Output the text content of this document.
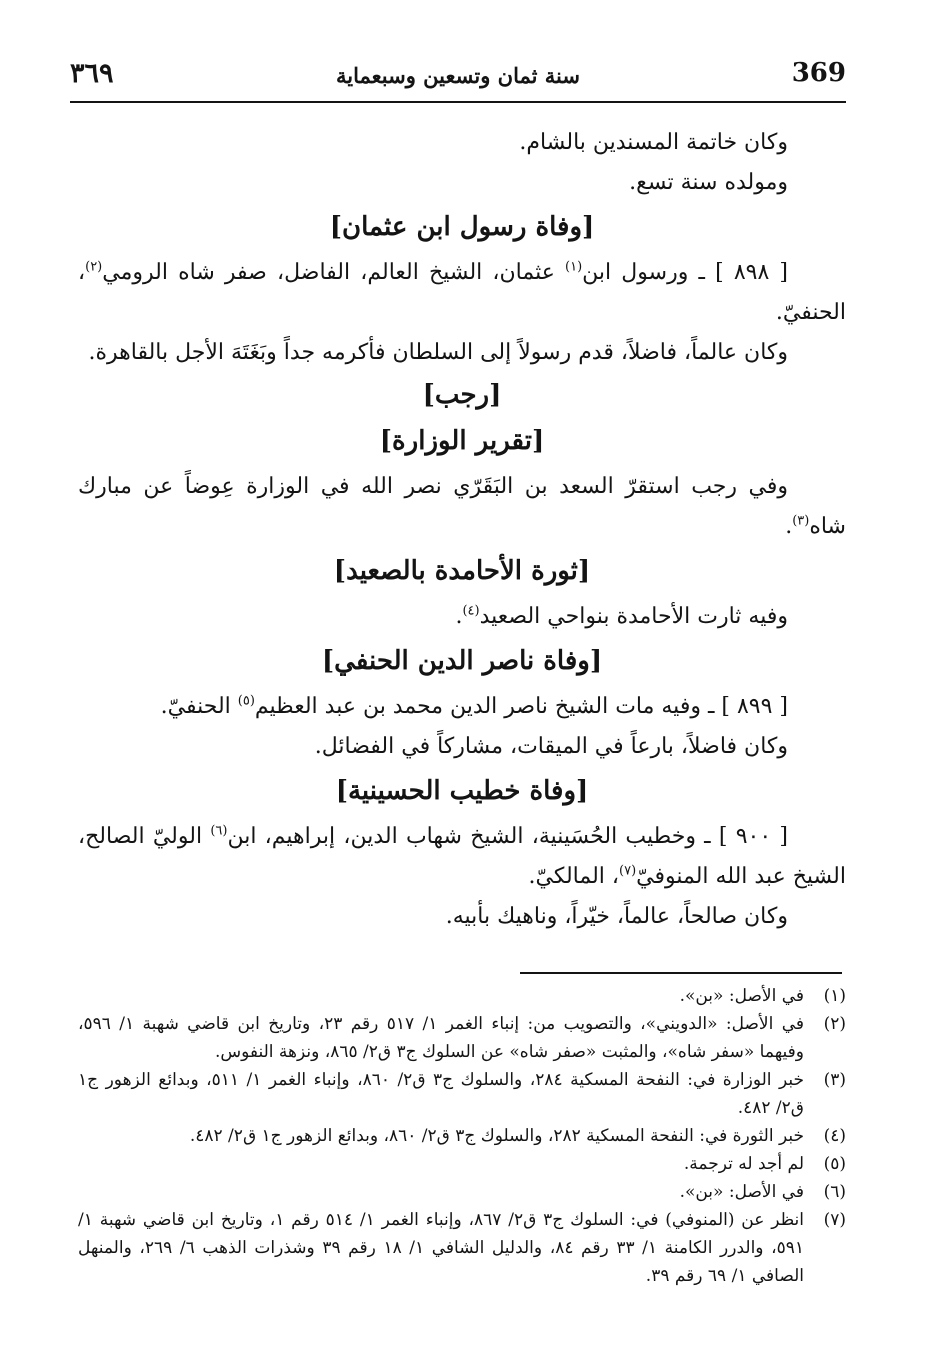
369
سنة ثمان وتسعين وسبعماية
٣٦٩

وكان خاتمة المسندين بالشام.

ومولده سنة تسع.

[وفاة رسول ابن عثمان]

[ ٨٩٨ ] ـ ورسول ابن$^{(١)}$ عثمان، الشيخ العالم، الفاضل، صفر شاه الرومي$^{(٢)}$، الحنفيّ.

وكان عالماً، فاضلاً، قدم رسولاً إلى السلطان فأكرمه جداً وبَغَتَهَ الأجل بالقاهرة.

[رجب]
[تقرير الوزارة]

وفي رجب استقرّ السعد بن البَقَرّي نصر الله في الوزارة عِوضاً عن مبارك شاه$^{(٣)}$.

[ثورة الأحامدة بالصعيد]

وفيه ثارت الأحامدة بنواحي الصعيد$^{(٤)}$.

[وفاة ناصر الدين الحنفي]

[ ٨٩٩ ] ـ وفيه مات الشيخ ناصر الدين محمد بن عبد العظيم$^{(٥)}$ الحنفيّ.

وكان فاضلاً، بارعاً في الميقات، مشاركاً في الفضائل.

[وفاة خطيب الحسينية]

[ ٩٠٠ ] ـ وخطيب الحُسَينية، الشيخ شهاب الدين، إبراهيم، ابن$^{(٦)}$ الوليّ الصالح، الشيخ عبد الله المنوفيّ$^{(٧)}$، المالكيّ.

وكان صالحاً، عالماً، خيّراً، وناهيك بأبيه.

(١)
في الأصل: «بن».

(٢)
في الأصل: «الدويني»، والتصويب من: إنباء الغمر ١/ ٥١٧ رقم ٢٣، وتاريخ ابن قاضي شهبة ١/ ٥٩٦، وفيهما «سفر شاه»، والمثبت «صفر شاه» عن السلوك ج٣ ق٢/ ٨٦٥، ونزهة النفوس.

(٣)
خبر الوزارة في: النفحة المسكية ٢٨٤، والسلوك ج٣ ق٢/ ٨٦٠، وإنباء الغمر ١/ ٥١١، وبدائع الزهور ج١ ق٢/ ٤٨٢.

(٤)
خبر الثورة في: النفحة المسكية ٢٨٢، والسلوك ج٣ ق٢/ ٨٦٠، وبدائع الزهور ج١ ق٢/ ٤٨٢.

(٥)
لم أجد له ترجمة.

(٦)
في الأصل: «بن».

(٧)
انظر عن (المنوفي) في: السلوك ج٣ ق٢/ ٨٦٧، وإنباء الغمر ١/ ٥١٤ رقم ١، وتاريخ ابن قاضي شهبة ١/ ٥٩١، والدرر الكامنة ١/ ٣٣ رقم ٨٤، والدليل الشافي ١/ ١٨ رقم ٣٩ وشذرات الذهب ٦/ ٢٦٩، والمنهل الصافي ١/ ٦٩ رقم ٣٩.
